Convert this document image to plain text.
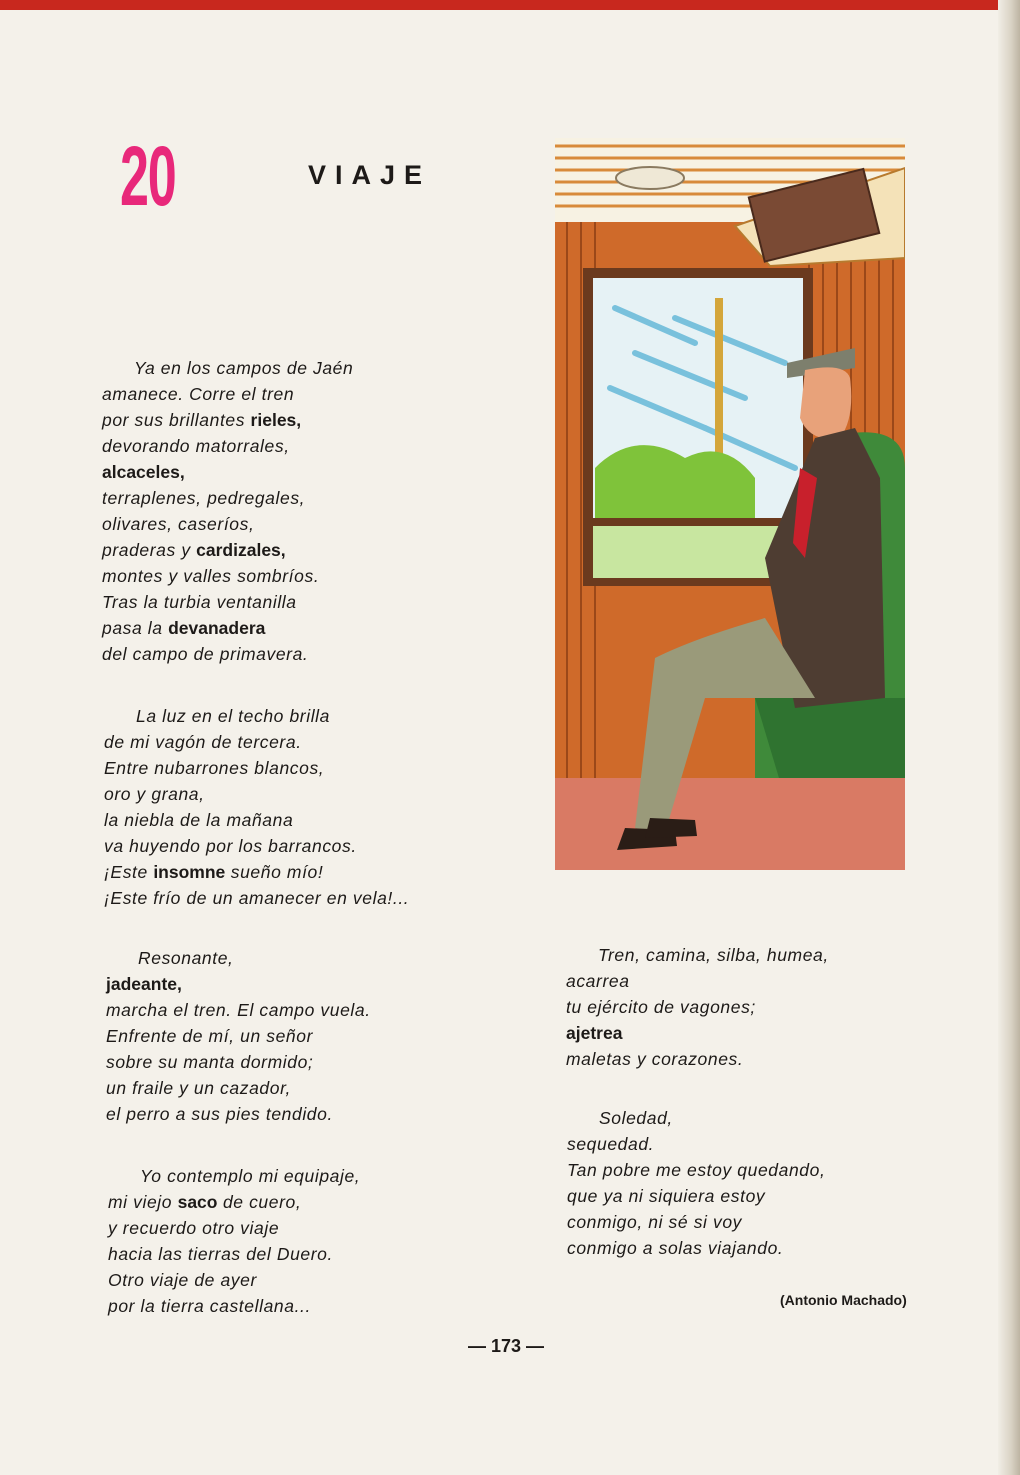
20	VIAJE
Ya en los campos de Jaén
amanece. Corre el tren
por sus brillantes rieles,
devorando matorrales,
alcaceles,
terraplenes, pedregales,
olivares, caseríos,
praderas y cardizales,
montes y valles sombríos.
Tras la turbia ventanilla
pasa la devanadera
del campo de primavera.
La luz en el techo brilla
de mi vagón de tercera.
Entre nubarrones blancos,
oro y grana,
la niebla de la mañana
va huyendo por los barrancos.
¡Este insomne sueño mío!
¡Este frío de un amanecer en vela!...
Resonante,
jadeante,
marcha el tren. El campo vuela.
Enfrente de mí, un señor
sobre su manta dormido;
un fraile y un cazador,
el perro a sus pies tendido.
Yo contemplo mi equipaje,
mi viejo saco de cuero,
y recuerdo otro viaje
hacia las tierras del Duero.
Otro viaje de ayer
por la tierra castellana...
Tren, camina, silba, humea,
acarrea
tu ejército de vagones;
ajetrea
maletas y corazones.
Soledad,
sequedad.
Tan pobre me estoy quedando,
que ya ni siquiera estoy
conmigo, ni sé si voy
conmigo a solas viajando.
(Antonio Machado)
— 173 —
